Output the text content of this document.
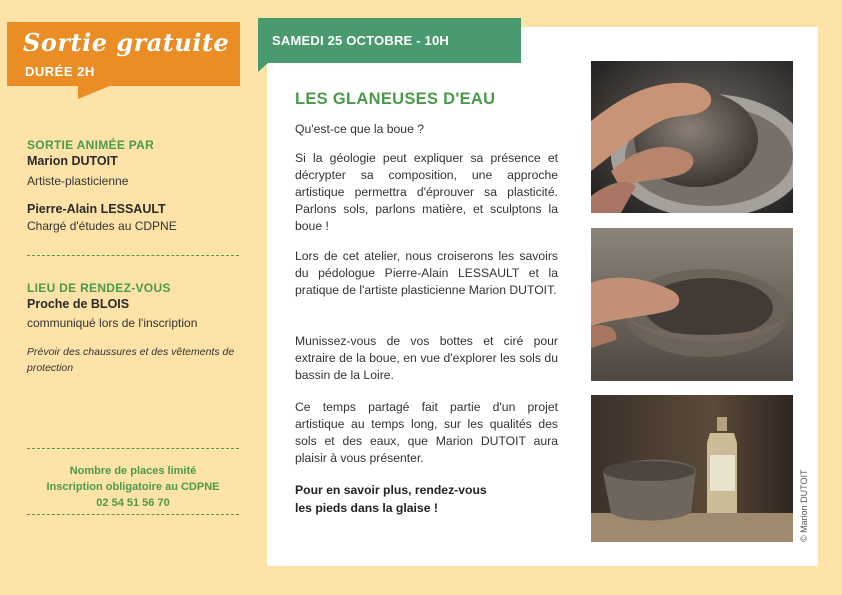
Sortie gratuite
DURÉE 2H
SORTIE ANIMÉE PAR
Marion DUTOIT
Artiste-plasticienne
Pierre-Alain LESSAULT
Chargé d'études au CDPNE
LIEU DE RENDEZ-VOUS
Proche de BLOIS
communiqué lors de l'inscription
Prévoir des chaussures et des vêtements de protection
Nombre de places limité
Inscription obligatoire au CDPNE
02 54 51 56 70
SAMEDI 25 OCTOBRE - 10H
LES GLANEUSES D'EAU

Qu'est-ce que la boue ?

Si la géologie peut expliquer sa présence et décrypter sa composition, une approche artistique permettra d'éprouver sa plasticité. Parlons sols, parlons matière, et sculptons la boue !

Lors de cet atelier, nous croiserons les savoirs du pédologue Pierre-Alain LESSAULT et la pratique de l'artiste plasticienne Marion DUTOIT.

Munissez-vous de vos bottes et ciré pour extraire de la boue, en vue d'explorer les sols du bassin de la Loire.

Ce temps partagé fait partie d'un projet artistique au temps long, sur les qualités des sols et des eaux, que Marion DUTOIT aura plaisir à vous présenter.

Pour en savoir plus, rendez-vous
les pieds dans la glaise !	© Marion DUTOIT
